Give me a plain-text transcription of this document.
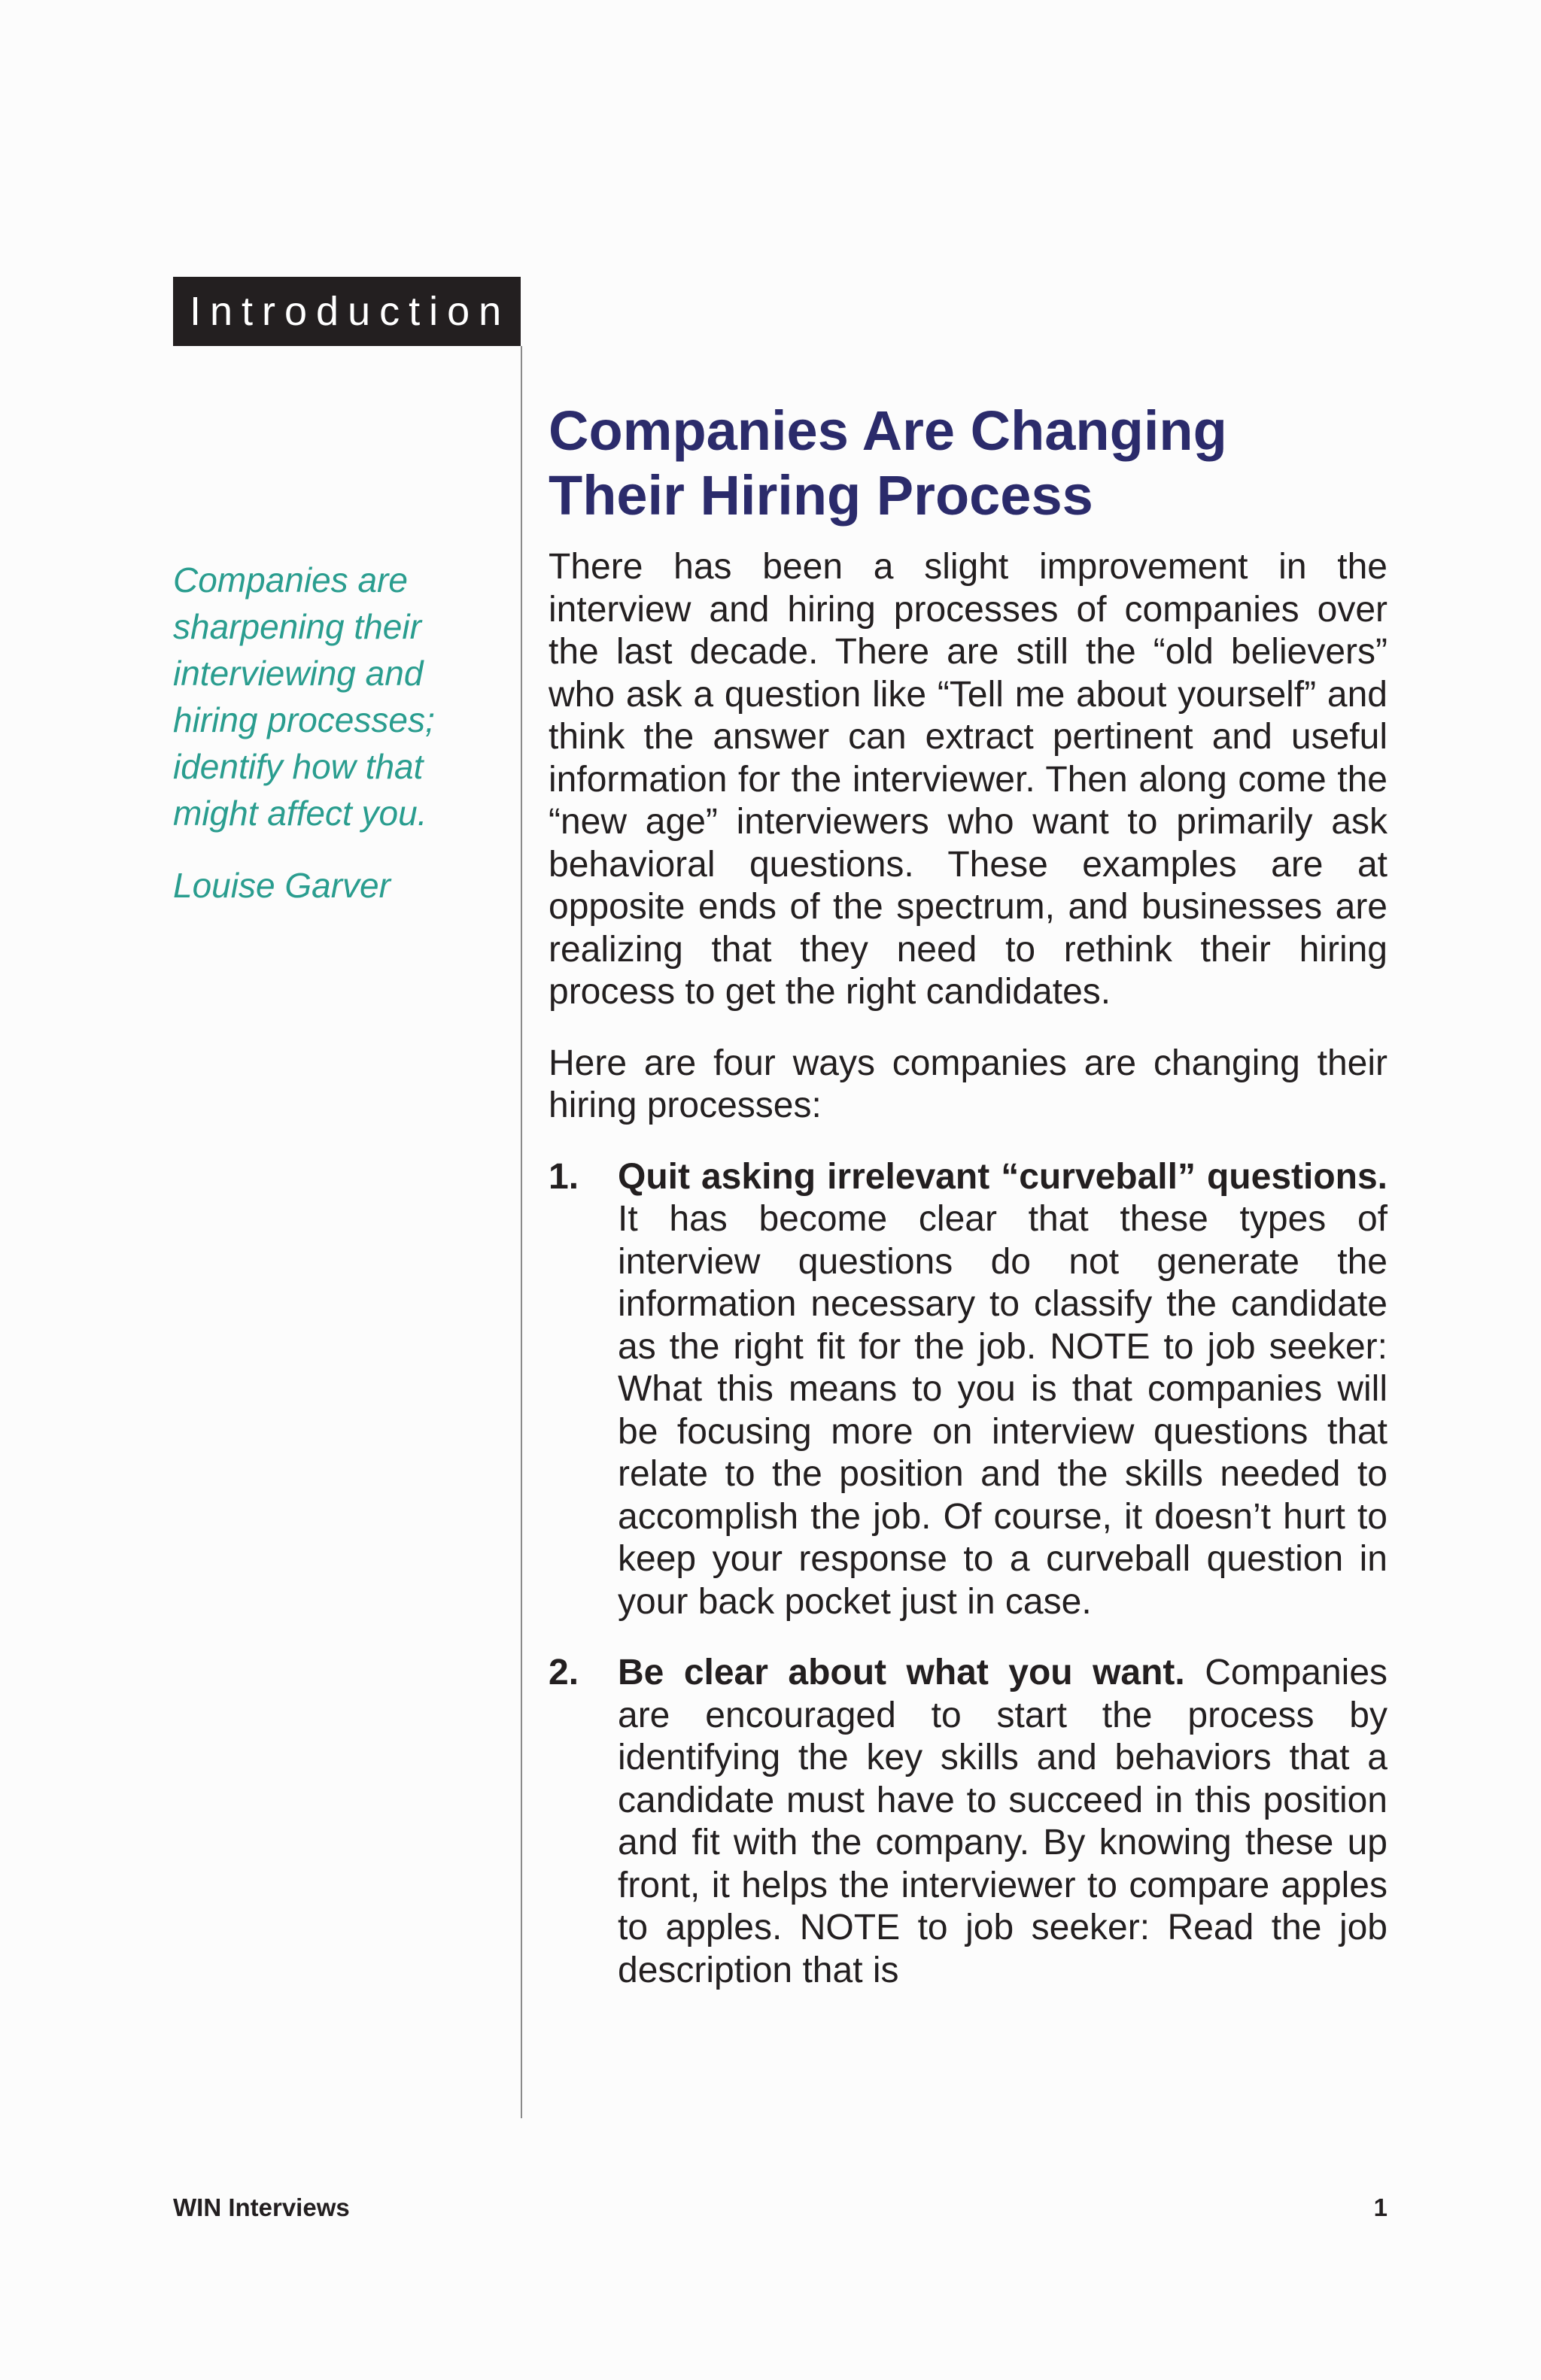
Introduction

Companies are sharpening their interviewing and hiring processes; identify how that might affect you.

Louise Garver

Companies Are Changing
Their Hiring Process

There has been a slight improvement in the interview and hiring processes of companies over the last decade. There are still the “old believers” who ask a question like “Tell me about yourself” and think the answer can extract pertinent and useful information for the interviewer. Then along come the “new age” interviewers who want to primarily ask behavioral questions. These examples are at opposite ends of the spectrum, and businesses are realizing that they need to rethink their hiring process to get the right candidates.

Here are four ways companies are changing their hiring processes:

1.	Quit asking irrelevant “curveball” questions. It has become clear that these types of interview questions do not generate the information necessary to classify the candidate as the right fit for the job. NOTE to job seeker: What this means to you is that companies will be focusing more on interview questions that relate to the position and the skills needed to accomplish the job. Of course, it doesn’t hurt to keep your response to a curveball question in your back pocket just in case.
2.	Be clear about what you want. Companies are encouraged to start the process by identifying the key skills and behaviors that a candidate must have to succeed in this position and fit with the company. By knowing these up front, it helps the interviewer to compare apples to apples. NOTE to job seeker: Read the job description that is
WIN Interviews	1
